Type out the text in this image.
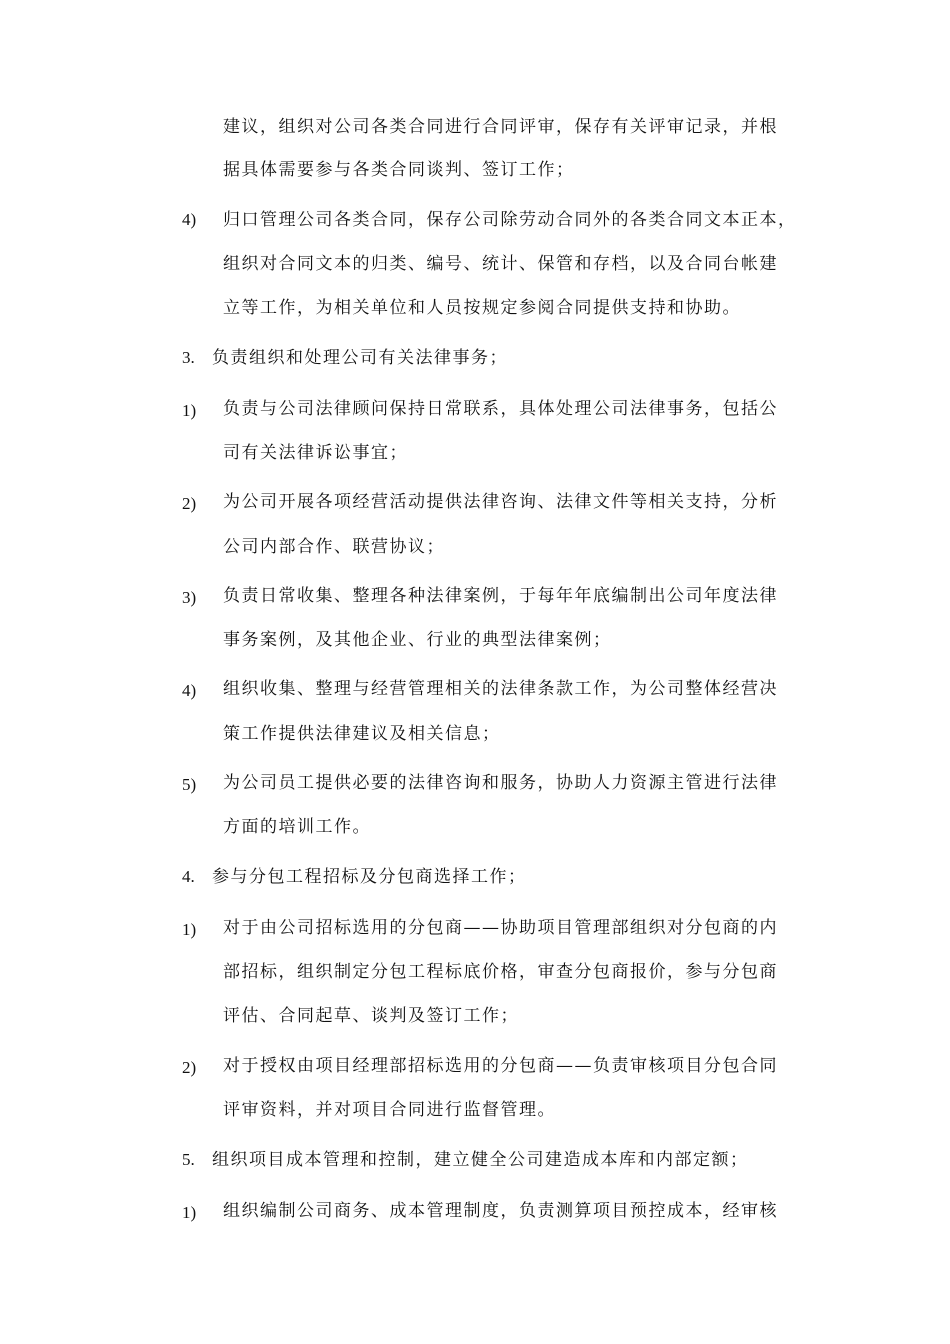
建议，组织对公司各类合同进行合同评审，保存有关评审记录，并根
据具体需要参与各类合同谈判、签订工作；
4) 归口管理公司各类合同，保存公司除劳动合同外的各类合同文本正本，
组织对合同文本的归类、编号、统计、保管和存档，以及合同台帐建
立等工作，为相关单位和人员按规定参阅合同提供支持和协助。
3. 负责组织和处理公司有关法律事务；
1) 负责与公司法律顾问保持日常联系，具体处理公司法律事务，包括公
司有关法律诉讼事宜；
2) 为公司开展各项经营活动提供法律咨询、法律文件等相关支持，分析
公司内部合作、联营协议；
3) 负责日常收集、整理各种法律案例，于每年年底编制出公司年度法律
事务案例，及其他企业、行业的典型法律案例；
4) 组织收集、整理与经营管理相关的法律条款工作，为公司整体经营决
策工作提供法律建议及相关信息；
5) 为公司员工提供必要的法律咨询和服务，协助人力资源主管进行法律
方面的培训工作。
4. 参与分包工程招标及分包商选择工作；
1) 对于由公司招标选用的分包商——协助项目管理部组织对分包商的内
部招标，组织制定分包工程标底价格，审查分包商报价，参与分包商
评估、合同起草、谈判及签订工作；
2) 对于授权由项目经理部招标选用的分包商——负责审核项目分包合同
评审资料，并对项目合同进行监督管理。
5. 组织项目成本管理和控制，建立健全公司建造成本库和内部定额；
1) 组织编制公司商务、成本管理制度，负责测算项目预控成本，经审核
